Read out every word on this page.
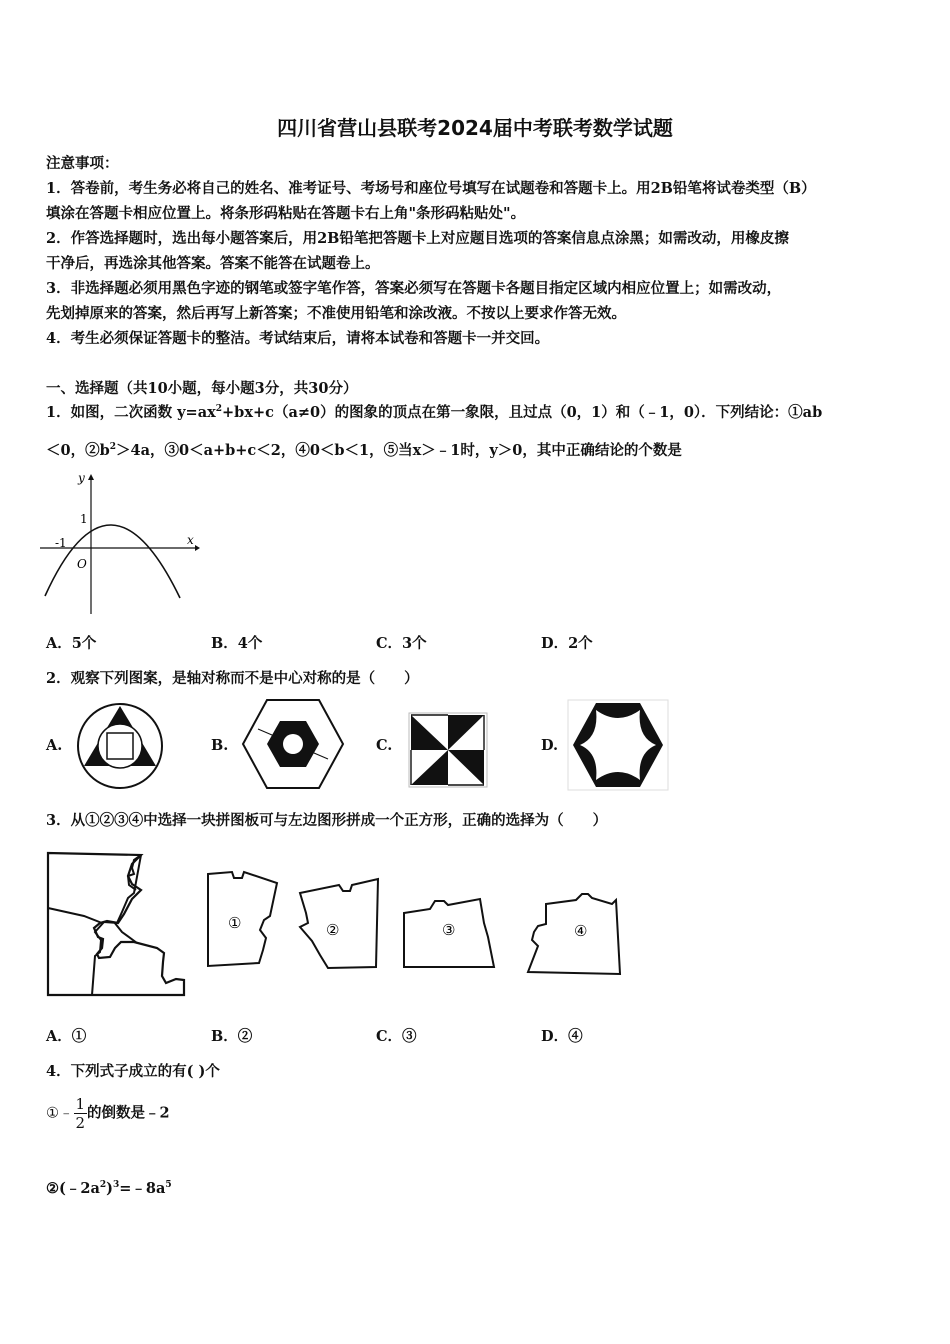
四川省营山县联考2024届中考联考数学试题
注意事项：
1．答卷前，考生务必将自己的姓名、准考证号、考场号和座位号填写在试题卷和答题卡上。用2B铅笔将试卷类型（B）
填涂在答题卡相应位置上。将条形码粘贴在答题卡右上角"条形码粘贴处"。
2．作答选择题时，选出每小题答案后，用2B铅笔把答题卡上对应题目选项的答案信息点涂黑；如需改动，用橡皮擦
干净后，再选涂其他答案。答案不能答在试题卷上。
3．非选择题必须用黑色字迹的钢笔或签字笔作答，答案必须写在答题卡各题目指定区域内相应位置上；如需改动，
先划掉原来的答案，然后再写上新答案；不准使用铅笔和涂改液。不按以上要求作答无效。
4．考生必须保证答题卡的整洁。考试结束后，请将本试卷和答题卡一并交回。
一、选择题（共10小题，每小题3分，共30分）
1．如图，二次函数 $y=ax^2+bx+c(a\ne 0)$的图象的顶点在第一象限，且过点（0，1）和（﹣1，0）．下列结论：①ab
＜0，$②b^2>4a$，③0＜a+b+c＜2，④0＜b＜1，⑤当x＞﹣1时，y＞0，其中正确结论的个数是
y
x
1
-1
O
A．5个	B．4个	C．3个	D．2个
2．观察下列图案，是轴对称而不是中心对称的是（　　）
A.	B.	C.	D.
3．从①②③④中选择一块拼图板可与左边图形拼成一个正方形，正确的选择为（　　）
①	②	③	④
A．①	B．②	C．③	D．④
4．下列式子成立的有( )个
①﹣ $\frac{1}{2}$ 的倒数是﹣2
$②(﹣2a^2)^3=﹣8a^5$
